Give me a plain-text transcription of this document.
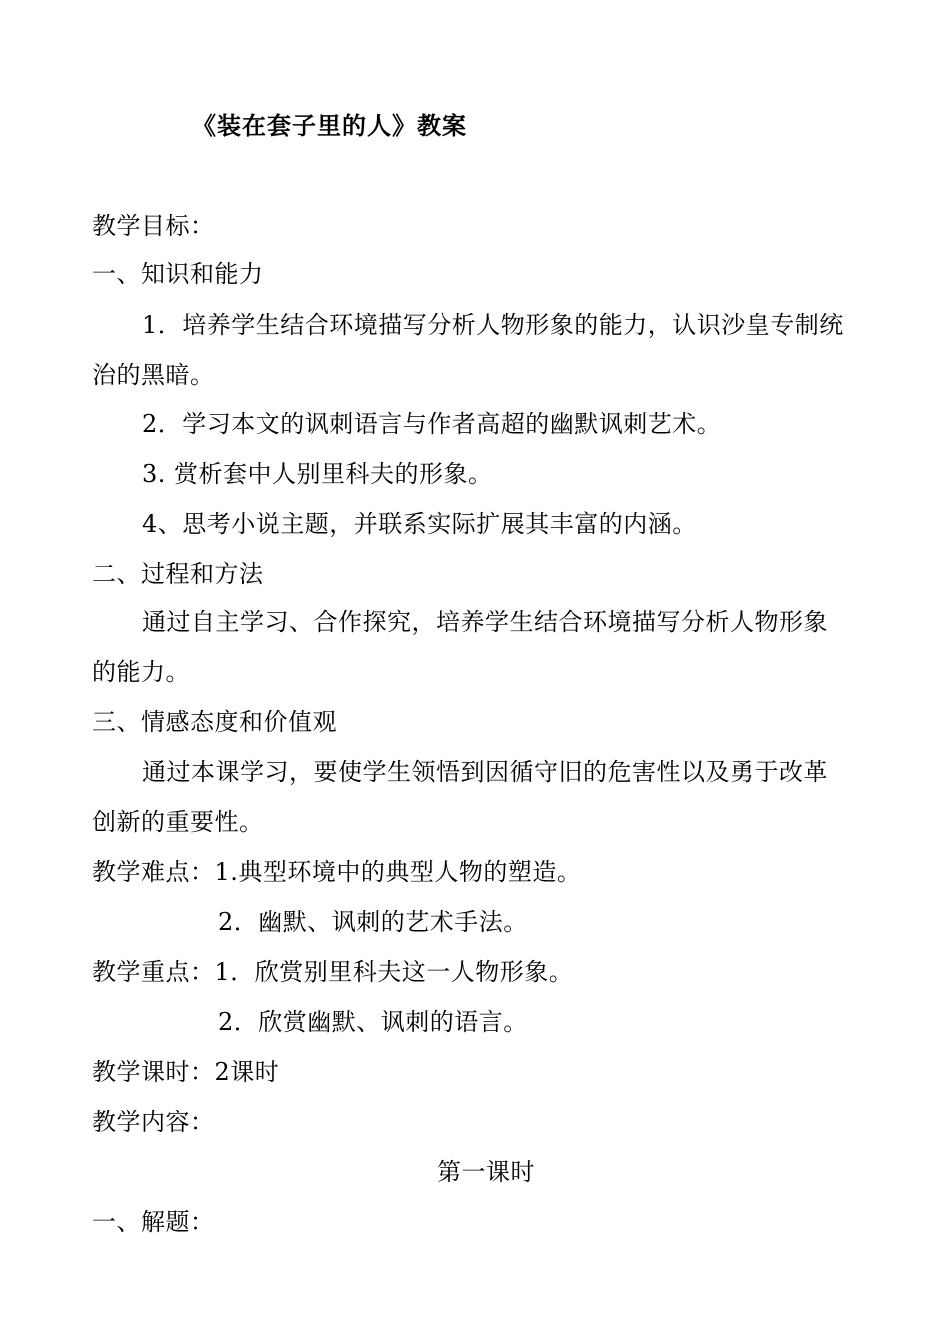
《装在套子里的人》教案
教学目标：
一、知识和能力
1．培养学生结合环境描写分析人物形象的能力，认识沙皇专制统
治的黑暗。
2．学习本文的讽刺语言与作者高超的幽默讽刺艺术。
3. 赏析套中人别里科夫的形象。
4、思考小说主题，并联系实际扩展其丰富的内涵。
二、过程和方法
通过自主学习、合作探究，培养学生结合环境描写分析人物形象
的能力。
三、情感态度和价值观
通过本课学习，要使学生领悟到因循守旧的危害性以及勇于改革
创新的重要性。
教学难点：1.典型环境中的典型人物的塑造。
2．幽默、讽刺的艺术手法。
教学重点：1．欣赏别里科夫这一人物形象。
2．欣赏幽默、讽刺的语言。
教学课时：2课时
教学内容：
第一课时
一、解题：
